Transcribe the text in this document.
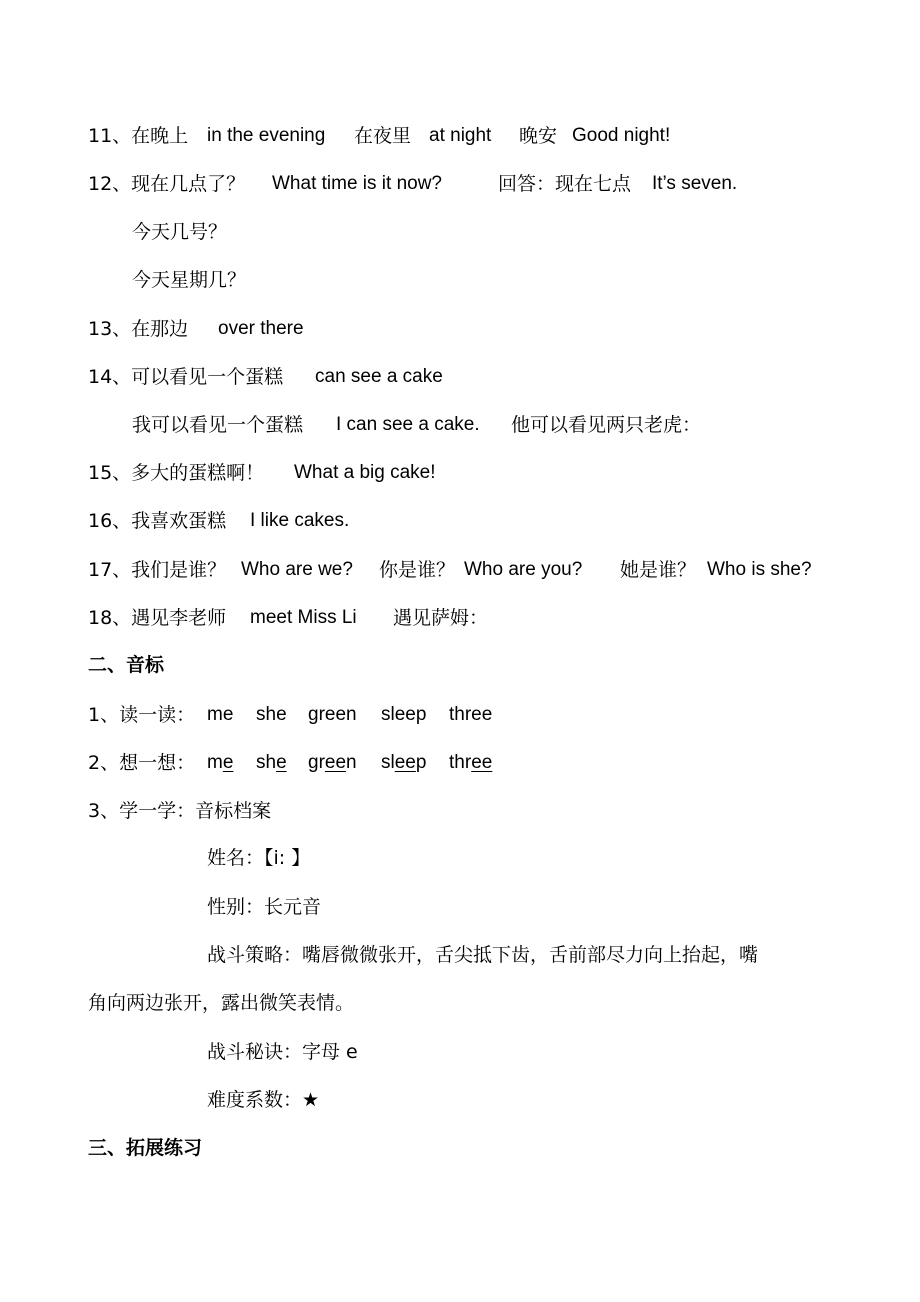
11、在晚上 in the evening 在夜里 at night 晚安 Good night!
12、现在几点了？ What time is it now?	回答：现在七点 It’s seven.
今天几号？
今天星期几？
13、在那边 over there
14、可以看见一个蛋糕 can see a cake
我可以看见一个蛋糕 I can see a cake. 他可以看见两只老虎：
15、多大的蛋糕啊！ What a big cake!
16、我喜欢蛋糕 I like cakes.
17、我们是谁？ Who are we? 你是谁？ Who are you? 她是谁？ Who is she?
18、遇见李老师 meet Miss Li 遇见萨姆：
二、音标
1、读一读： me she green sleep three
2、想一想： me she green sleep three
3、学一学：音标档案
姓名：【i: 】
性别：长元音
战斗策略：嘴唇微微张开，舌尖抵下齿，舌前部尽力向上抬起，嘴
角向两边张开，露出微笑表情。
战斗秘诀：字母 e
难度系数：★
三、拓展练习
